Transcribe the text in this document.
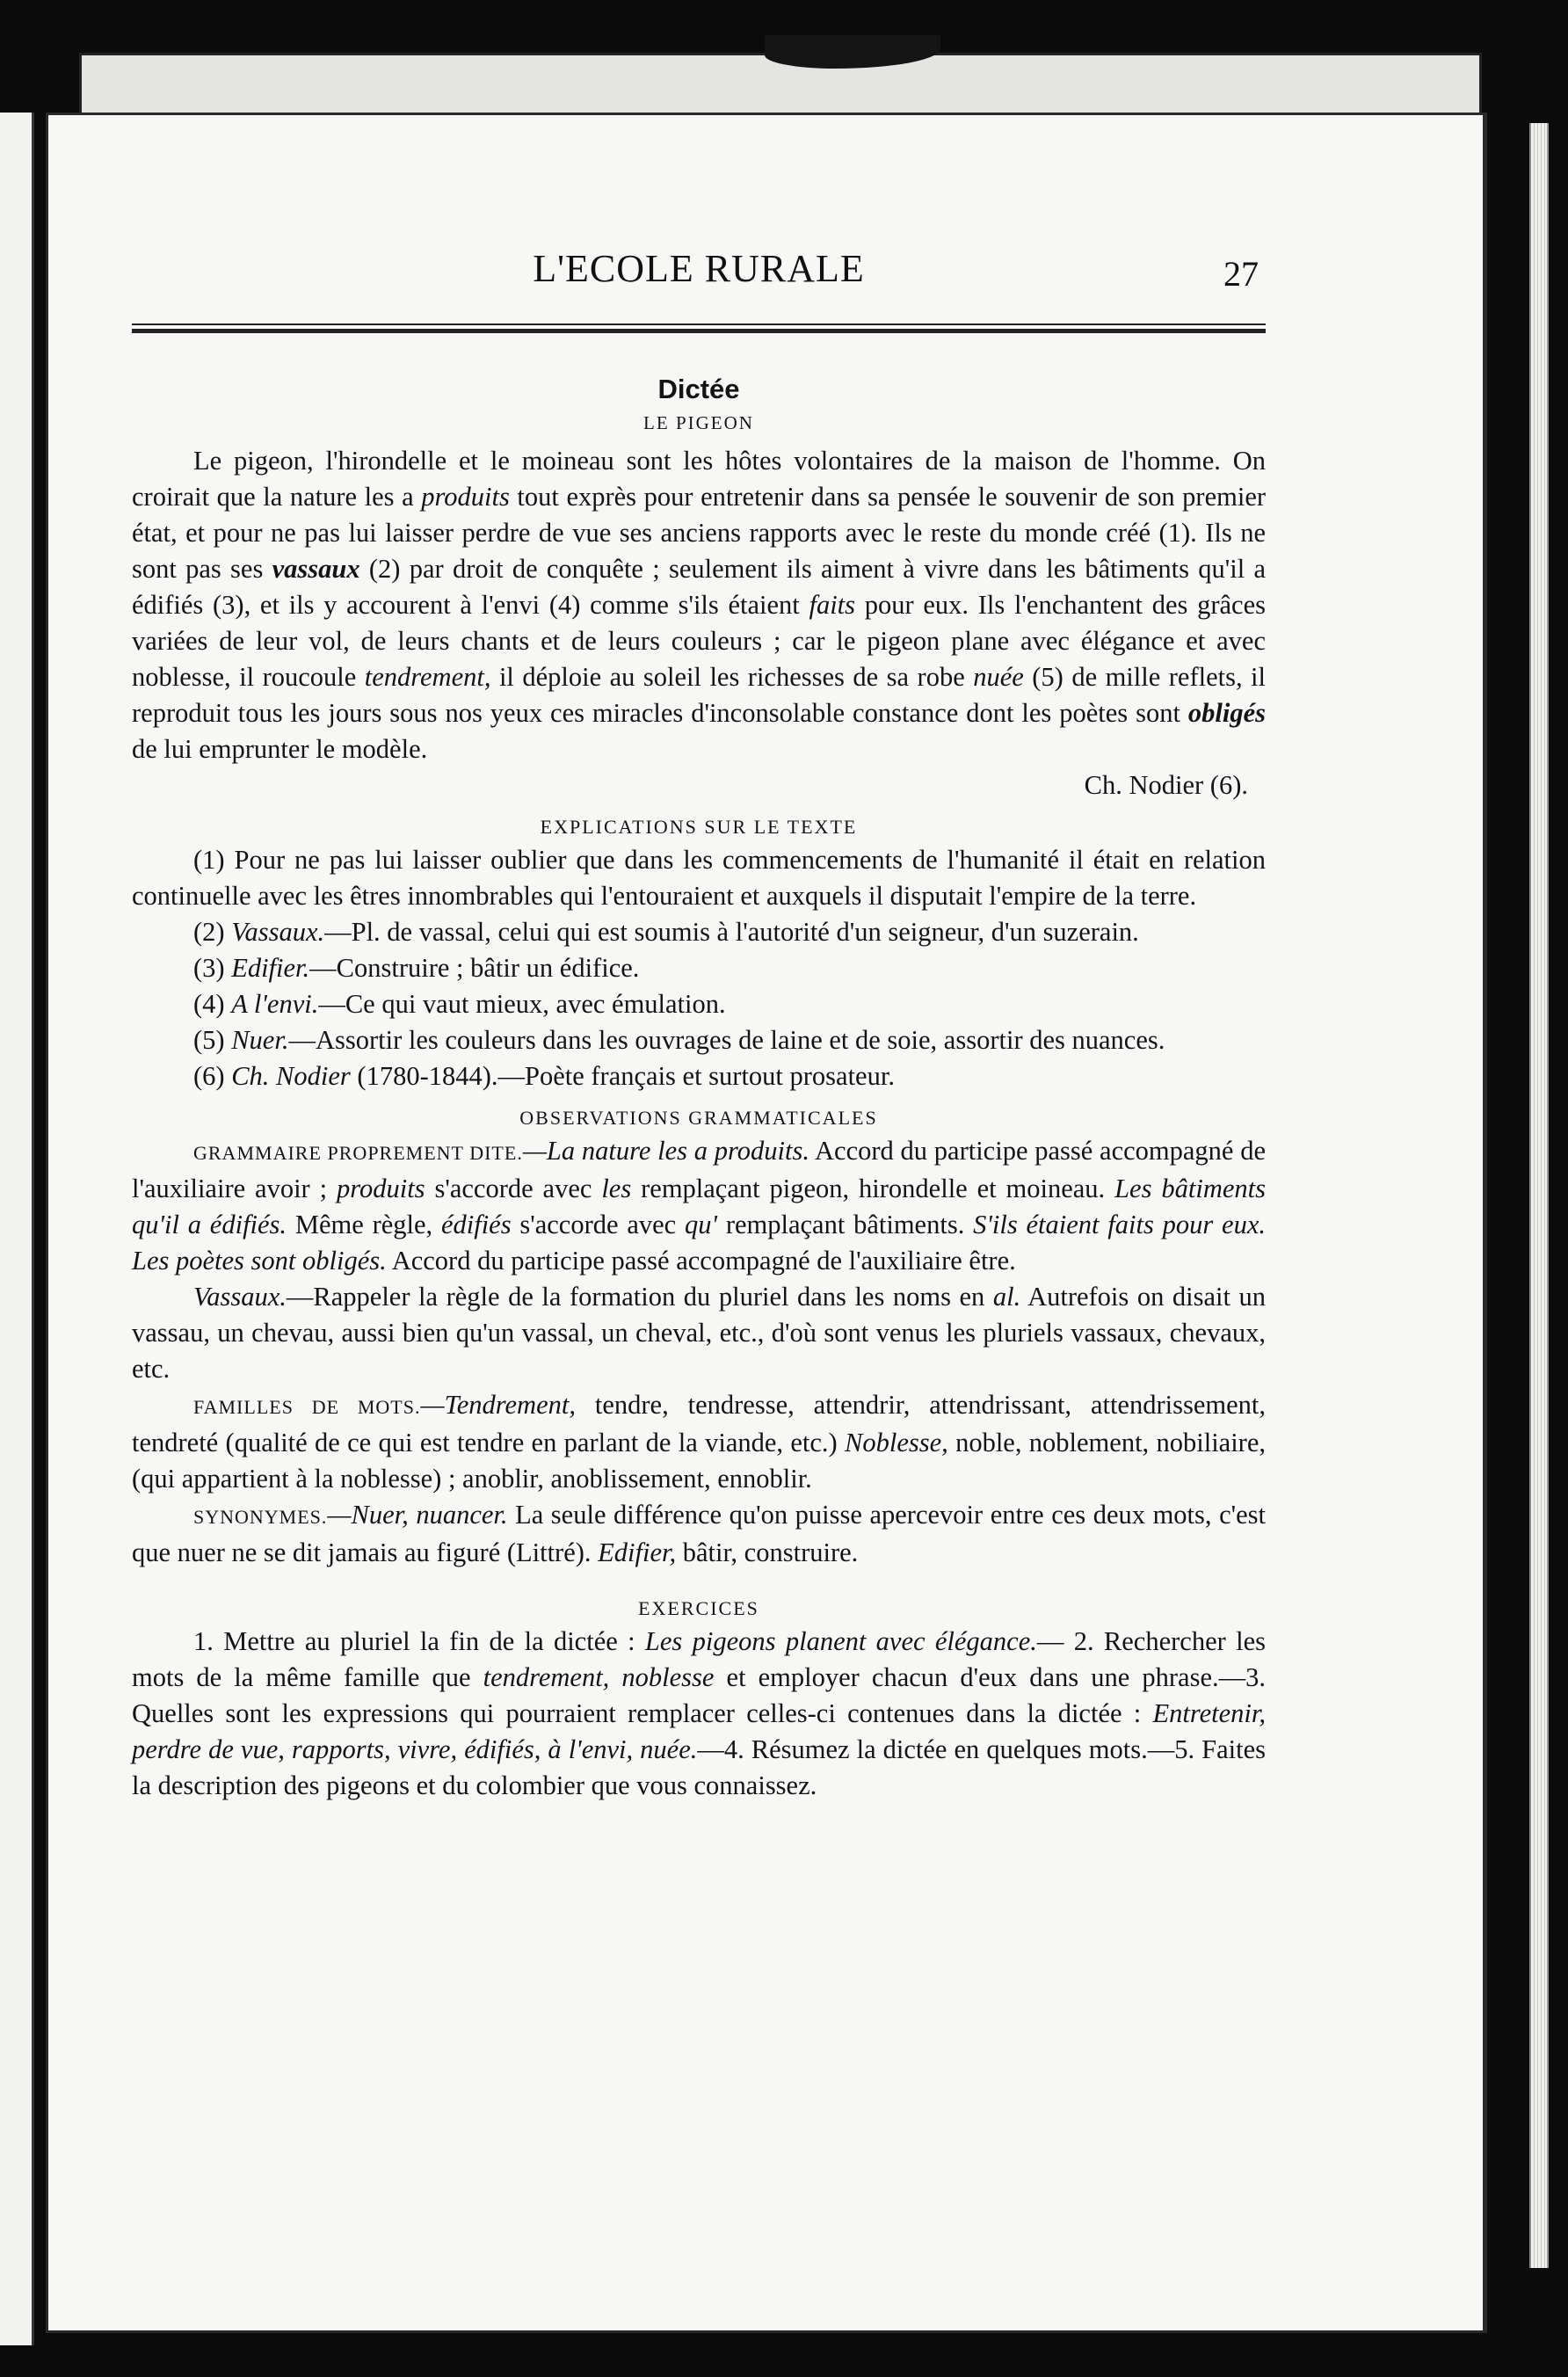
L'ECOLE RURALE	27
Dictée
LE PIGEON

Le pigeon, l'hirondelle et le moineau sont les hôtes volontaires de la maison de l'homme. On croirait que la nature les a produits tout exprès pour entretenir dans sa pensée le souvenir de son premier état, et pour ne pas lui laisser perdre de vue ses anciens rapports avec le reste du monde créé (1). Ils ne sont pas ses vassaux (2) par droit de conquête ; seulement ils aiment à vivre dans les bâtiments qu'il a édifiés (3), et ils y accourent à l'envi (4) comme s'ils étaient faits pour eux. Ils l'enchantent des grâces variées de leur vol, de leurs chants et de leurs couleurs ; car le pigeon plane avec élégance et avec noblesse, il roucoule tendrement, il déploie au soleil les richesses de sa robe nuée (5) de mille reflets, il reproduit tous les jours sous nos yeux ces miracles d'inconsolable constance dont les poètes sont obligés de lui emprunter le modèle.

Ch. Nodier (6).
EXPLICATIONS SUR LE TEXTE

(1) Pour ne pas lui laisser oublier que dans les commencements de l'humanité il était en relation continuelle avec les êtres innombrables qui l'entouraient et auxquels il disputait l'empire de la terre.

(2) Vassaux.—Pl. de vassal, celui qui est soumis à l'autorité d'un seigneur, d'un suzerain.

(3) Edifier.—Construire ; bâtir un édifice.

(4) A l'envi.—Ce qui vaut mieux, avec émulation.

(5) Nuer.—Assortir les couleurs dans les ouvrages de laine et de soie, assortir des nuances.

(6) Ch. Nodier (1780-1844).—Poète français et surtout prosateur.

OBSERVATIONS GRAMMATICALES

GRAMMAIRE PROPREMENT DITE.—La nature les a produits. Accord du participe passé accompagné de l'auxiliaire avoir ; produits s'accorde avec les remplaçant pigeon, hirondelle et moineau. Les bâtiments qu'il a édifiés. Même règle, édifiés s'accorde avec qu' remplaçant bâtiments. S'ils étaient faits pour eux. Les poètes sont obligés. Accord du participe passé accompagné de l'auxiliaire être.

Vassaux.—Rappeler la règle de la formation du pluriel dans les noms en al. Autrefois on disait un vassau, un chevau, aussi bien qu'un vassal, un cheval, etc., d'où sont venus les pluriels vassaux, chevaux, etc.

FAMILLES DE MOTS.—Tendrement, tendre, tendresse, attendrir, attendrissant, attendrissement, tendreté (qualité de ce qui est tendre en parlant de la viande, etc.) Noblesse, noble, noblement, nobiliaire, (qui appartient à la noblesse) ; anoblir, anoblissement, ennoblir.

SYNONYMES.—Nuer, nuancer. La seule différence qu'on puisse apercevoir entre ces deux mots, c'est que nuer ne se dit jamais au figuré (Littré). Edifier, bâtir, construire.

EXERCICES

1. Mettre au pluriel la fin de la dictée : Les pigeons planent avec élégance.— 2. Rechercher les mots de la même famille que tendrement, noblesse et employer chacun d'eux dans une phrase.—3. Quelles sont les expressions qui pourraient remplacer celles-ci contenues dans la dictée : Entretenir, perdre de vue, rapports, vivre, édifiés, à l'envi, nuée.—4. Résumez la dictée en quelques mots.—5. Faites la description des pigeons et du colombier que vous connaissez.
